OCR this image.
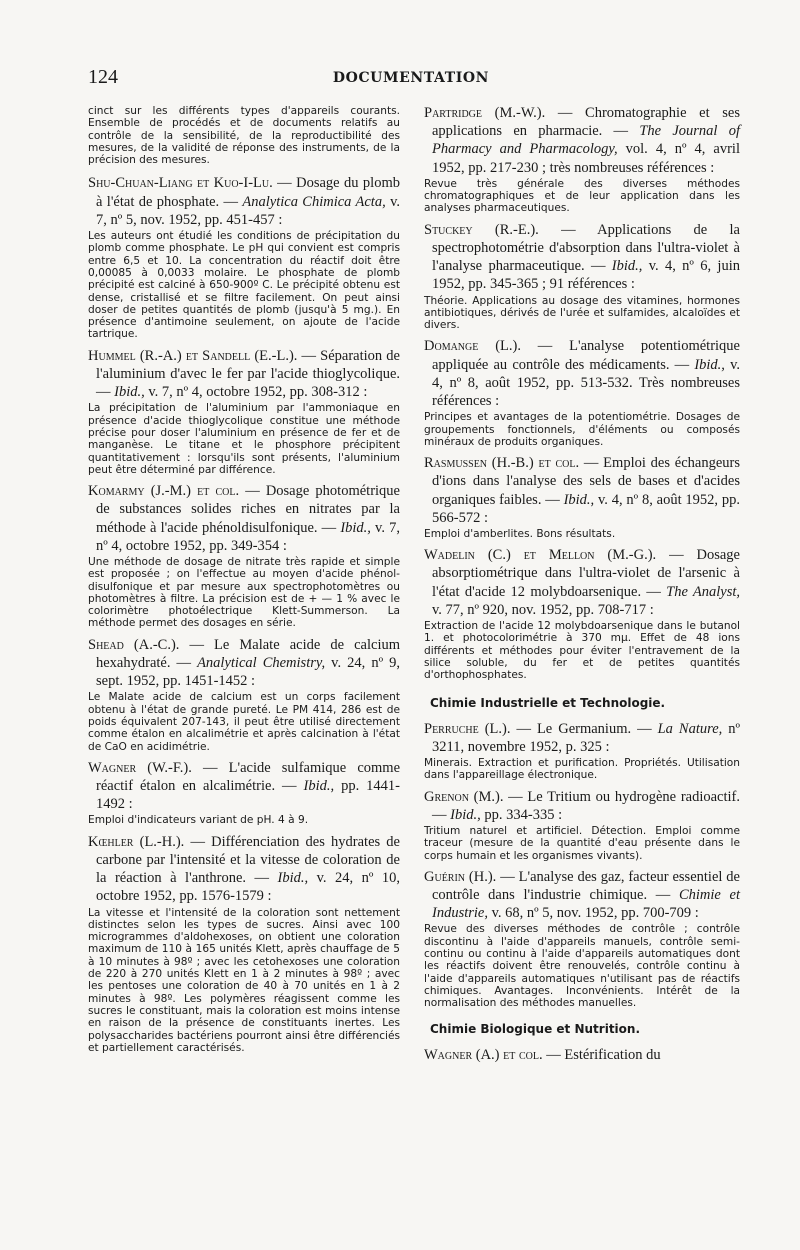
124	DOCUMENTATION
cinct sur les différents types d'appareils courants. Ensemble de procédés et de documents relatifs au contrôle de la sensibilité, de la reproductibilité des mesures, de la validité de réponse des instruments, de la précision des mesures.
Shu-Chuan-Liang et Kuo-I-Lu. — Dosage du plomb à l'état de phosphate. — Analytica Chimica Acta, v. 7, nº 5, nov. 1952, pp. 451-457 :
Les auteurs ont étudié les conditions de précipitation du plomb comme phosphate. Le pH qui convient est compris entre 6,5 et 10. La concentration du réactif doit être 0,00085 à 0,0033 molaire. Le phosphate de plomb précipité est calciné à 650-900º C. Le précipité obtenu est dense, cristallisé et se filtre facilement. On peut ainsi doser de petites quantités de plomb (jusqu'à 5 mg.). En présence d'antimoine seulement, on ajoute de l'acide tartrique.
Hummel (R.-A.) et Sandell (E.-L.). — Séparation de l'aluminium d'avec le fer par l'acide thioglycolique. — Ibid., v. 7, nº 4, octobre 1952, pp. 308-312 :
La précipitation de l'aluminium par l'ammoniaque en présence d'acide thioglycolique constitue une méthode précise pour doser l'aluminium en présence de fer et de manganèse. Le titane et le phosphore précipitent quantitativement : lorsqu'ils sont présents, l'aluminium peut être déterminé par différence.
Komarmy (J.-M.) et col. — Dosage photométrique de substances solides riches en nitrates par la méthode à l'acide phénoldisulfonique. — Ibid., v. 7, nº 4, octobre 1952, pp. 349-354 :
Une méthode de dosage de nitrate très rapide et simple est proposée ; on l'effectue au moyen d'acide phénol-disulfonique et par mesure aux spectrophotomètres ou photomètres à filtre. La précision est de + — 1 % avec le colorimètre photoélectrique Klett-Summerson. La méthode permet des dosages en série.
Shead (A.-C.). — Le Malate acide de calcium hexahydraté. — Analytical Chemistry, v. 24, nº 9, sept. 1952, pp. 1451-1452 :
Le Malate acide de calcium est un corps facilement obtenu à l'état de grande pureté. Le PM 414, 286 est de poids équivalent 207-143, il peut être utilisé directement comme étalon en alcalimétrie et après calcination à l'état de CaO en acidimétrie.
Wagner (W.-F.). — L'acide sulfamique comme réactif étalon en alcalimétrie. — Ibid., pp. 1441-1492 :
Emploi d'indicateurs variant de pH. 4 à 9.
Kœhler (L.-H.). — Différenciation des hydrates de carbone par l'intensité et la vitesse de coloration de la réaction à l'anthrone. — Ibid., v. 24, nº 10, octobre 1952, pp. 1576-1579 :
La vitesse et l'intensité de la coloration sont nettement distinctes selon les types de sucres. Ainsi avec 100 microgrammes d'aldohexoses, on obtient une coloration maximum de 110 à 165 unités Klett, après chauffage de 5 à 10 minutes à 98º ; avec les cetohexoses une coloration de 220 à 270 unités Klett en 1 à 2 minutes à 98º ; avec les pentoses une coloration de 40 à 70 unités en 1 à 2 minutes à 98º. Les polymères réagissent comme les sucres le constituant, mais la coloration est moins intense en raison de la présence de constituants inertes. Les polysaccharides bactériens pourront ainsi être différenciés et partiellement caractérisés.
Partridge (M.-W.). — Chromatographie et ses applications en pharmacie. — The Journal of Pharmacy and Pharmacology, vol. 4, nº 4, avril 1952, pp. 217-230 ; très nombreuses références :
Revue très générale des diverses méthodes chromatographiques et de leur application dans les analyses pharmaceutiques.
Stuckey (R.-E.). — Applications de la spectrophotométrie d'absorption dans l'ultra-violet à l'analyse pharmaceutique. — Ibid., v. 4, nº 6, juin 1952, pp. 345-365 ; 91 références :
Théorie. Applications au dosage des vitamines, hormones antibiotiques, dérivés de l'urée et sulfamides, alcaloïdes et divers.
Domange (L.). — L'analyse potentiométrique appliquée au contrôle des médicaments. — Ibid., v. 4, nº 8, août 1952, pp. 513-532. Très nombreuses références :
Principes et avantages de la potentiométrie. Dosages de groupements fonctionnels, d'éléments ou composés minéraux de produits organiques.
Rasmussen (H.-B.) et col. — Emploi des échangeurs d'ions dans l'analyse des sels de bases et d'acides organiques faibles. — Ibid., v. 4, nº 8, août 1952, pp. 566-572 :
Emploi d'amberlites. Bons résultats.
Wadelin (C.) et Mellon (M.-G.). — Dosage absorptiométrique dans l'ultra-violet de l'arsenic à l'état d'acide 12 molybdoarsenique. — The Analyst, v. 77, nº 920, nov. 1952, pp. 708-717 :
Extraction de l'acide 12 molybdoarsenique dans le butanol 1. et photocolorimétrie à 370 mμ. Effet de 48 ions différents et méthodes pour éviter l'entravement de la silice soluble, du fer et de petites quantités d'orthophosphates.
Chimie Industrielle et Technologie.
Perruche (L.). — Le Germanium. — La Nature, nº 3211, novembre 1952, p. 325 :
Minerais. Extraction et purification. Propriétés. Utilisation dans l'appareillage électronique.
Grenon (M.). — Le Tritium ou hydrogène radioactif. — Ibid., pp. 334-335 :
Tritium naturel et artificiel. Détection. Emploi comme traceur (mesure de la quantité d'eau présente dans le corps humain et les organismes vivants).
Guérin (H.). — L'analyse des gaz, facteur essentiel de contrôle dans l'industrie chimique. — Chimie et Industrie, v. 68, nº 5, nov. 1952, pp. 700-709 :
Revue des diverses méthodes de contrôle ; contrôle discontinu à l'aide d'appareils manuels, contrôle semi-continu ou continu à l'aide d'appareils automatiques dont les réactifs doivent être renouvelés, contrôle continu à l'aide d'appareils automatiques n'utilisant pas de réactifs chimiques. Avantages. Inconvénients. Intérêt de la normalisation des méthodes manuelles.
Chimie Biologique et Nutrition.
Wagner (A.) et col. — Estérification du
